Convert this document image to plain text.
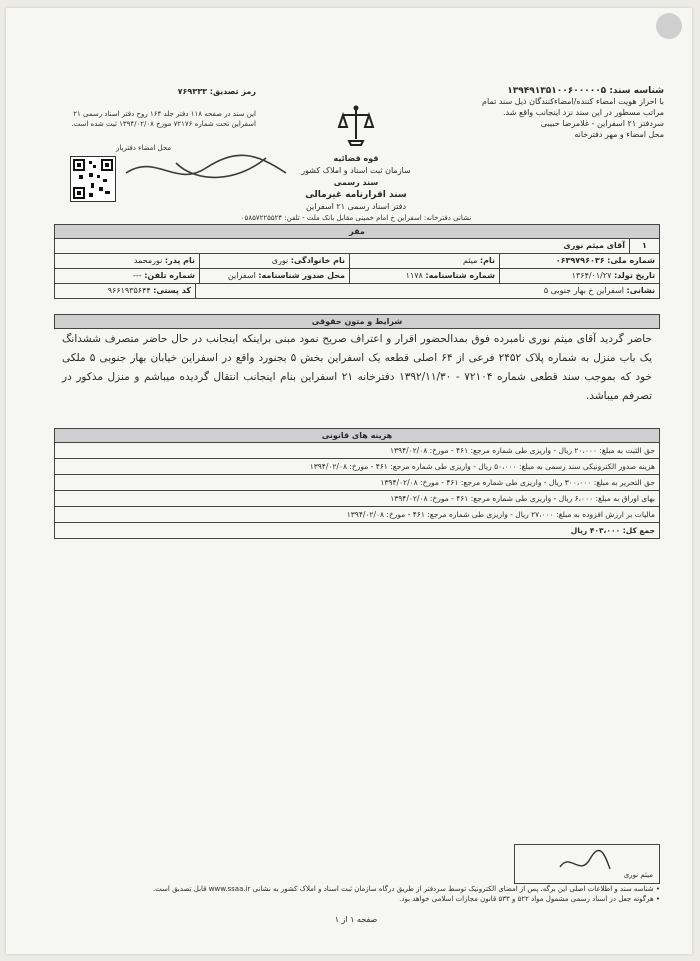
شناسه سند: ۱۳۹۴۹۱۳۵۱۰۰۶۰۰۰۰۰۵
با احراز هویت امضاء کننده/امضاءکنندگان ذیل سند تمام
مراتب مسطور در این سند نزد اینجانب واقع شد.
سردفتر ۲۱ اسفراین - غلامرضا حبیبی
محل امضاء و مهر دفترخانه
رمز تصدیق: ۷۶۹۳۳۳
این سند در صفحه ۱۱۸ دفتر جلد ۱۶۴ روح دفتر اسناد رسمی ۲۱
اسفراین تحت شماره ۷۲۱۷۶ مورخ ۱۳۹۴/۰۲/۰۸ ثبت شده است.
محل امضاء دفتریار
قوه قضائیه
سازمان ثبت اسناد و املاک کشور
سند رسمی
سند اقرارنامه غیرمالی
دفتر اسناد رسمی ۲۱ اسفراین
نشانی دفترخانه: اسفراین خ امام خمینی مقابل بانک ملت - تلفن: ۰۵۸۵۷۲۲۵۵۲۴
مقر
۱
آقای میثم نوری
شماره ملی: ۰۶۳۹۷۹۶۰۳۶
نام: میثم
نام خانوادگی: نوری
نام پدر: نورمحمد
تاریخ تولد: ۱۳۶۴/۰۱/۲۷
شماره شناسنامه: ۱۱۷۸
محل صدور شناسنامه: اسفراین
شماره تلفن: ---
نشانی: اسفراین خ بهار جنوبی ۵
کد پستی: ۹۶۶۱۹۳۵۶۴۴
شرایط و متون حقوقی
حاضر گردید آقای میثم نوری نامبرده فوق بمدالحضور اقرار و اعتراف صریح نمود مبنی براینکه اینجانب در حال حاضر متصرف ششدانگ یک باب منزل به شماره پلاک ۲۴۵۲ فرعی از ۶۴ اصلی قطعه یک اسفراین بخش ۵ بجنورد واقع در اسفراین خیابان بهار جنوبی ۵ ملکی خود که بموجب سند قطعی شماره ۷۲۱۰۴ - ۱۳۹۲/۱۱/۳۰ دفترخانه ۲۱ اسفراین بنام اینجانب انتقال گردیده میباشم و منزل مذکور در تصرفم میباشد.
هزینه های قانونی
حق الثبت به مبلغ: ۲۰،۰۰۰ ریال - واریزی طی شماره مرجع: ۴۶۱ - مورخ: ۱۳۹۴/۰۲/۰۸
هزینه صدور الکترونیکی سند رسمی به مبلغ: ۵۰،۰۰۰ ریال - واریزی طی شماره مرجع: ۴۶۱ - مورخ: ۱۳۹۴/۰۲/۰۸
حق التحریر به مبلغ: ۳۰۰،۰۰۰ ریال - واریزی طی شماره مرجع: ۴۶۱ - مورخ: ۱۳۹۴/۰۲/۰۸
بهای اوراق به مبلغ: ۶،۰۰۰ ریال - واریزی طی شماره مرجع: ۴۶۱ - مورخ: ۱۳۹۴/۰۲/۰۸
مالیات بر ارزش افزوده به مبلغ: ۲۷،۰۰۰ ریال - واریزی طی شماره مرجع: ۴۶۱ - مورخ: ۱۳۹۴/۰۲/۰۸
جمع کل: ۴۰۳،۰۰۰ ریال
میثم نوری
• شناسه سند و اطلاعات اصلی این برگه، پس از امضای الکترونیک توسط سردفتر از طریق درگاه سازمان ثبت اسناد و املاک کشور به نشانی www.ssaa.ir قابل تصدیق است.
• هرگونه جعل در اسناد رسمی مشمول مواد ۵۲۲ و ۵۳۳ قانون مجازات اسلامی خواهد بود.
صفحه ۱ از ۱
